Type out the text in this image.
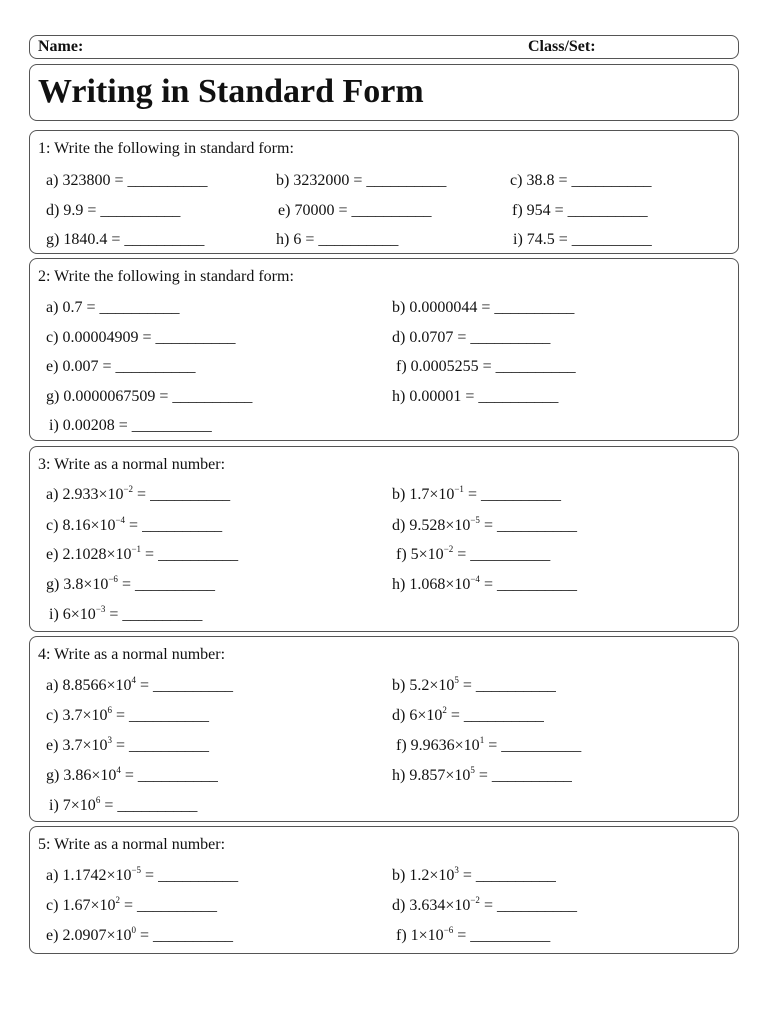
Name:	Class/Set:
Writing in Standard Form
1: Write the following in standard form:
a) 323800 = __________	b) 3232000 = __________	c) 38.8 = __________
d) 9.9 = __________	e) 70000 = __________	f) 954 = __________
g) 1840.4 = __________	h) 6 = __________	i) 74.5 = __________
2: Write the following in standard form:
a) 0.7 = __________	b) 0.0000044 = __________
c) 0.00004909 = __________	d) 0.0707 = __________
e) 0.007 = __________	f) 0.0005255 = __________
g) 0.0000067509 = __________	h) 0.00001 = __________
i) 0.00208 = __________
3: Write as a normal number:
a) $2.933\times 10^{-2}$ = __________	b) $1.7\times 10^{-1}$ = __________
c) $8.16\times 10^{-4}$ = __________	d) $9.528\times 10^{-5}$ = __________
e) $2.1028\times 10^{-1}$ = __________	f) $5\times 10^{-2}$ = __________
g) $3.8\times 10^{-6}$ = __________	h) $1.068\times 10^{-4}$ = __________
i) $6\times 10^{-3}$ = __________
4: Write as a normal number:
a) $8.8566\times 10^4$ = __________	b) $5.2\times 10^5$ = __________
c) $3.7\times 10^6$ = __________	d) $6\times 10^2$ = __________
e) $3.7\times 10^3$ = __________	f) $9.9636\times 10^1$ = __________
g) $3.86\times 10^4$ = __________	h) $9.857\times 10^5$ = __________
i) $7\times 10^6$ = __________
5: Write as a normal number:
a) $1.1742\times 10^{-5}$ = __________	b) $1.2\times 10^3$ = __________
c) $1.67\times 10^2$ = __________	d) $3.634\times 10^{-2}$ = __________
e) $2.0907\times 10^0$ = __________	f) $1\times 10^{-6}$ = __________
